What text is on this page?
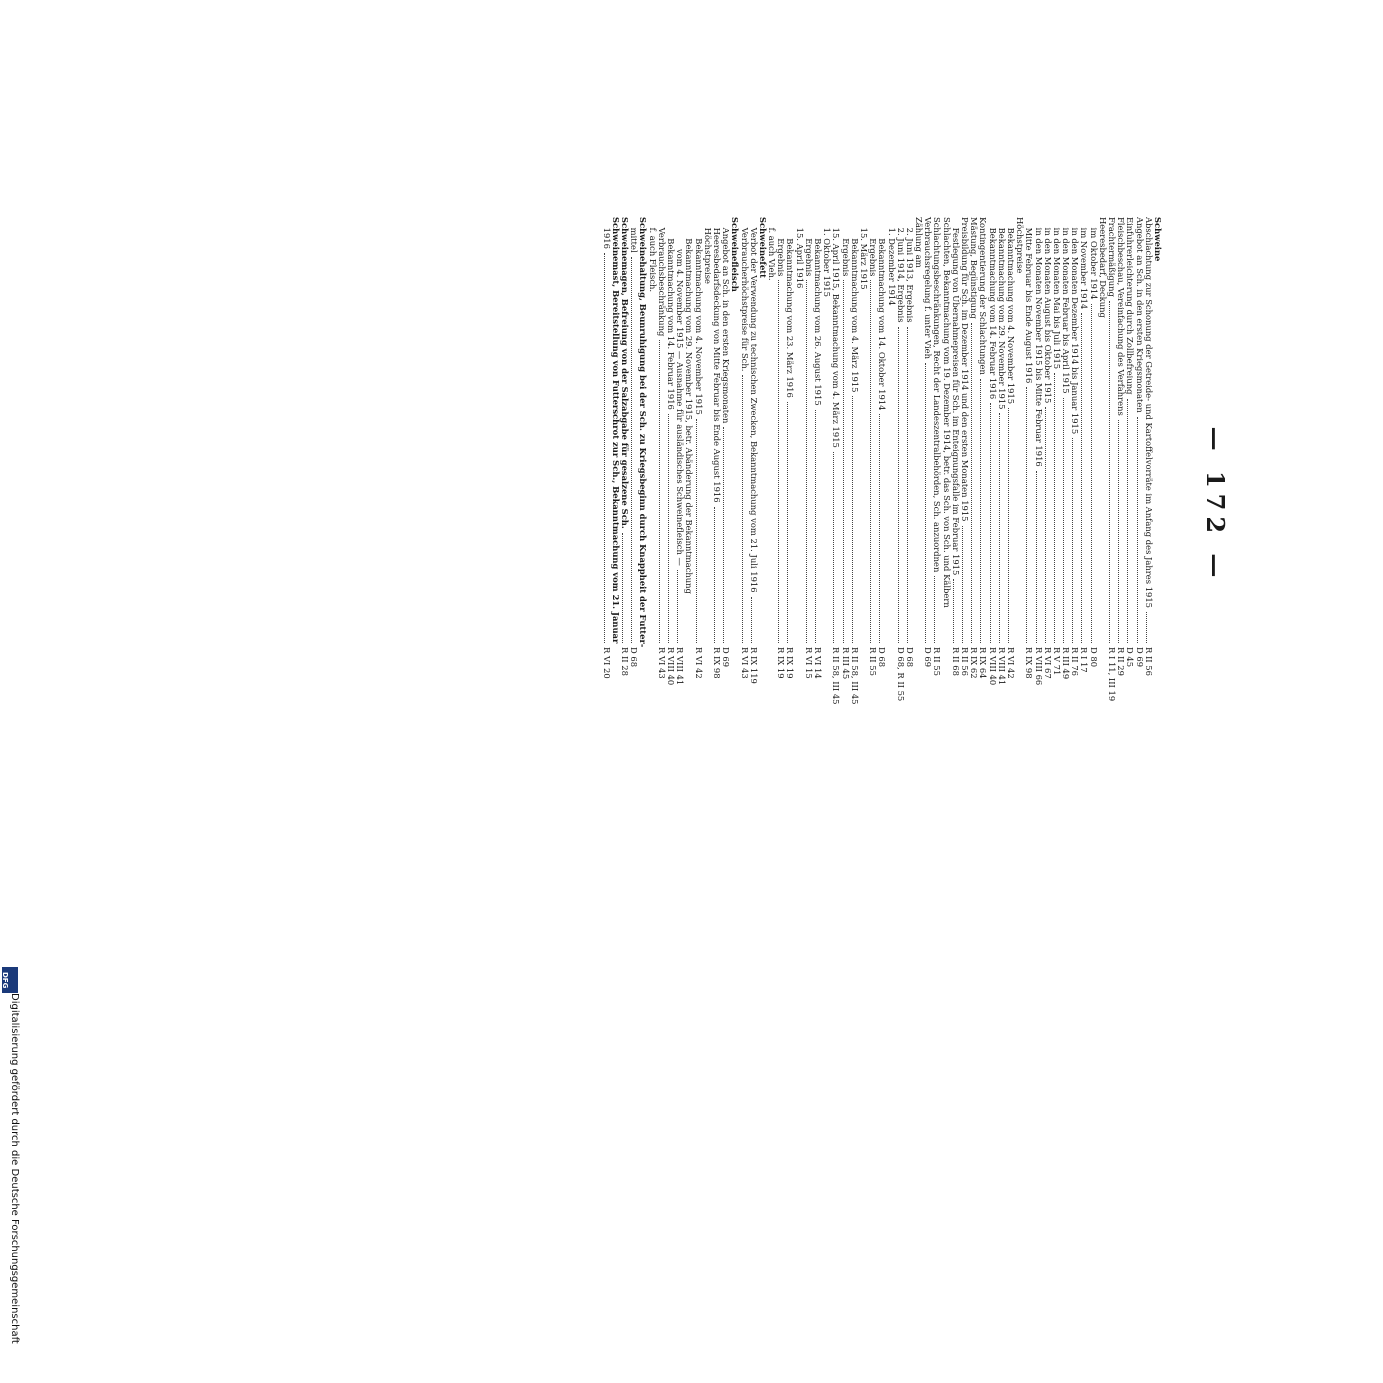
— 172 —
Schweine
Abschlachtung zur Schonung der Getreide- und Kartoffelvorräte im Anfang des Jahres 1915
R II 56
Angebot an Sch. in den ersten Kriegsmonaten
D 69
Einfuhrerleichterung durch Zollbefreiung
D 45
Fleischbeschau, Vereinfachung des Verfahrens
R II 29
Frachtermäßigung
R I 11, III 19
Heeresbedarf, Deckung
im Oktober 1914
D 80
im November 1914
R I 17
in den Monaten Dezember 1914 bis Januar 1915
R II 76
in den Monaten Februar bis April 1915
R III 49
in den Monaten Mai bis Juli 1915
R V 71
in den Monaten August bis Oktober 1915
R VI 67
in den Monaten November 1915 bis Mitte Februar 1916
R VIII 66
Mitte Februar bis Ende August 1916
R IX 98
Höchstpreise
Bekanntmachung vom 4. November 1915
R VI 42
Bekanntmachung vom 29. November 1915
R VIII 41
Bekanntmachung vom 14. Februar 1916
R VIII 40
Kontingentierung der Schlachtungen
R IX 64
Mästung, Begünstigung
R IX 62
Preisbildung für Sch. im Dezember 1914 und den ersten Monaten 1915
R II 56
Festlegung von Übernahmepreisen für Sch. im Enteignungsfalle im Februar 1915
R II 68
Schlachten, Bekanntmachung vom 19. Dezember 1914, betr. das Sch. von Sch. und Kälbern
Schlachtungsbeschränkungen, Recht der Landeszentralbehörden, Sch. anzuordnen
R II 55
Verbrauchsregelung f. unter Vieh
D 69
Zählung am
2. Juni 1913, Ergebnis
D 68
2. Juni 1914, Ergebnis
D 68, R II 55
1. Dezember 1914
Bekanntmachung vom 14. Oktober 1914
D 68
Ergebnis
R II 55
15. März 1915
Bekanntmachung vom 4. März 1915
R II 58, III 45
Ergebnis
R III 45
15. April 1915, Bekanntmachung vom 4. März 1915
R II 58, III 45
1. Oktober 1915
Bekanntmachung vom 26. August 1915
R VI 14
Ergebnis
R VI 15
15. April 1916
Bekanntmachung vom 23. März 1916
R IX 19
Ergebnis
R IX 19
f. auch Vieh.
Schweinefett
Verbot der Verwendung zu technischen Zwecken, Bekanntmachung vom 21. Juli 1916
R IX 119
Verbraucherhöchstpreise für Sch.
R VI 43
Schweinefleisch
Angebot an Sch. in den ersten Kriegsmonaten
D 69
Heeresbedarfsdeckung von Mitte Februar bis Ende August 1916
R IX 98
Höchstpreise
Bekanntmachung vom 4. November 1915
R VI 42
Bekanntmachung vom 29. November 1915, betr. Abänderung der Bekanntmachung
vom 4. November 1915 — Ausnahme für ausländisches Schweinefleisch —
R VIII 41
Bekanntmachung vom 14. Februar 1916
R VIII 40
Verbrauchsbeschränkung
R VI 43
f. auch Fleisch.
Schweinehaltung, Beunruhigung bei der Sch. zu Kriegsbeginn durch Knappheit der Futter-
mittel
D 68
Schweinemagen, Befreiung von der Salzabgabe für gesalzene Sch.
R II 28
Schweinemast, Bereitstellung von Futterschrot zur Sch., Bekanntmachung vom 21. Januar
1916
R VI 20
Digitalisierung gefördert durch die Deutsche Forschungsgemeinschaft
DFG
